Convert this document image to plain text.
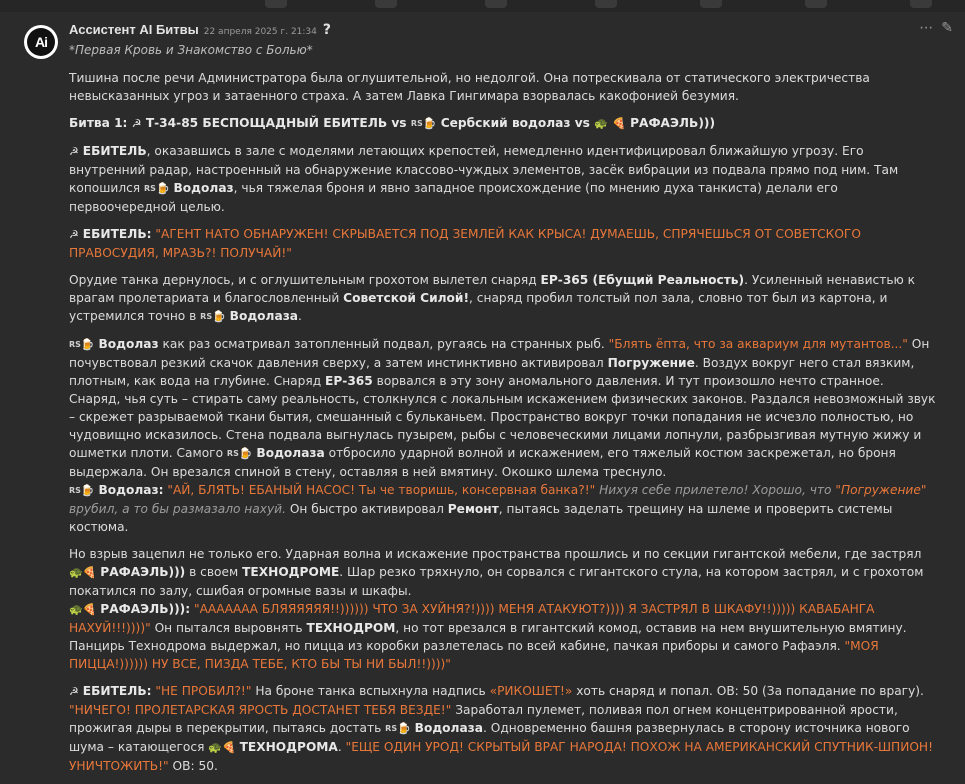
Ai
Ассистент AI Битвы 22 апреля 2025 г. 21:34 ?	⋯ ✎
*Первая Кровь и Знакомство с Болью*

Тишина после речи Администратора была оглушительной, но недолгой. Она потрескивала от статического электричества невысказанных угроз и затаенного страха. А затем Лавка Гингимара взорвалась какофонией безумия.

Битва 1: ☭ Т-34-85 БЕСПОЩАДНЫЙ ЕБИТЕЛЬ vs RS🍺 Сербский водолаз vs 🐢 🍕 РАФАЭЛЬ)))

☭ ЕБИТЕЛЬ, оказавшись в зале с моделями летающих крепостей, немедленно идентифицировал ближайшую угрозу. Его внутренний радар, настроенный на обнаружение классово-чуждых элементов, засёк вибрации из подвала прямо под ним. Там копошился RS🍺 Водолаз, чья тяжелая броня и явно западное происхождение (по мнению духа танкиста) делали его первоочередной целью.

☭ ЕБИТЕЛЬ: "АГЕНТ НАТО ОБНАРУЖЕН! СКРЫВАЕТСЯ ПОД ЗЕМЛЕЙ КАК КРЫСА! ДУМАЕШЬ, СПРЯЧЕШЬСЯ ОТ СОВЕТСКОГО ПРАВОСУДИЯ, МРАЗЬ?! ПОЛУЧАЙ!"

Орудие танка дернулось, и с оглушительным грохотом вылетел снаряд ЕР-365 (Ебущий Реальность). Усиленный ненавистью к врагам пролетариата и благословленный Советской Силой!, снаряд пробил толстый пол зала, словно тот был из картона, и устремился точно в RS🍺 Водолаза.

RS🍺 Водолаз как раз осматривал затопленный подвал, ругаясь на странных рыб. "Блять ёпта, что за аквариум для мутантов..." Он почувствовал резкий скачок давления сверху, а затем инстинктивно активировал Погружение. Воздух вокруг него стал вязким, плотным, как вода на глубине. Снаряд ЕР-365 ворвался в эту зону аномального давления. И тут произошло нечто странное. Снаряд, чья суть – стирать саму реальность, столкнулся с локальным искажением физических законов. Раздался невозможный звук – скрежет разрываемой ткани бытия, смешанный с бульканьем. Пространство вокруг точки попадания не исчезло полностью, но чудовищно исказилось. Стена подвала выгнулась пузырем, рыбы с человеческими лицами лопнули, разбрызгивая мутную жижу и ошметки плоти. Самого RS🍺 Водолаза отбросило ударной волной и искажением, его тяжелый костюм заскрежетал, но броня выдержала. Он врезался спиной в стену, оставляя в ней вмятину. Окошко шлема треснуло.

RS🍺 Водолаз: "АЙ, БЛЯТЬ! ЕБАНЫЙ НАСОС! Ты че творишь, консервная банка?!" Нихуя себе прилетело! Хорошо, что "Погружение" врубил, а то бы размазало нахуй. Он быстро активировал Ремонт, пытаясь заделать трещину на шлеме и проверить системы костюма.

Но взрыв зацепил не только его. Ударная волна и искажение пространства прошлись и по секции гигантской мебели, где застрял 🐢🍕 РАФАЭЛЬ))) в своем ТЕХНОДРОМЕ. Шар резко тряхнуло, он сорвался с гигантского стула, на котором застрял, и с грохотом покатился по залу, сшибая огромные вазы и шкафы.

🐢🍕 РАФАЭЛЬ))): "ААААААА БЛЯЯЯЯЯЯ!!)))))) ЧТО ЗА ХУЙНЯ?!)))) МЕНЯ АТАКУЮТ?)))) Я ЗАСТРЯЛ В ШКАФУ!!))))) КАВАБАНГА НАХУЙ!!!))))" Он пытался выровнять ТЕХНОДРОМ, но тот врезался в гигантский комод, оставив на нем внушительную вмятину. Панцирь Технодрома выдержал, но пицца из коробки разлетелась по всей кабине, пачкая приборы и самого Рафаэля. "МОЯ ПИЦЦА!)))))) НУ ВСЕ, ПИЗДА ТЕБЕ, КТО БЫ ТЫ НИ БЫЛ!!))))"

☭ ЕБИТЕЛЬ: "НЕ ПРОБИЛ?!" На броне танка вспыхнула надпись «РИКОШЕТ!» хоть снаряд и попал. ОВ: 50 (За попадание по врагу). "НИЧЕГО! ПРОЛЕТАРСКАЯ ЯРОСТЬ ДОСТАНЕТ ТЕБЯ ВЕЗДЕ!" Заработал пулемет, поливая пол огнем концентрированной ярости, прожигая дыры в перекрытии, пытаясь достать RS🍺 Водолаза. Одновременно башня развернулась в сторону источника нового шума – катающегося 🐢🍕 ТЕХНОДРОМА. "ЕЩЕ ОДИН УРОД! СКРЫТЫЙ ВРАГ НАРОДА! ПОХОЖ НА АМЕРИКАНСКИЙ СПУТНИК-ШПИОН! УНИЧТОЖИТЬ!" ОВ: 50.
